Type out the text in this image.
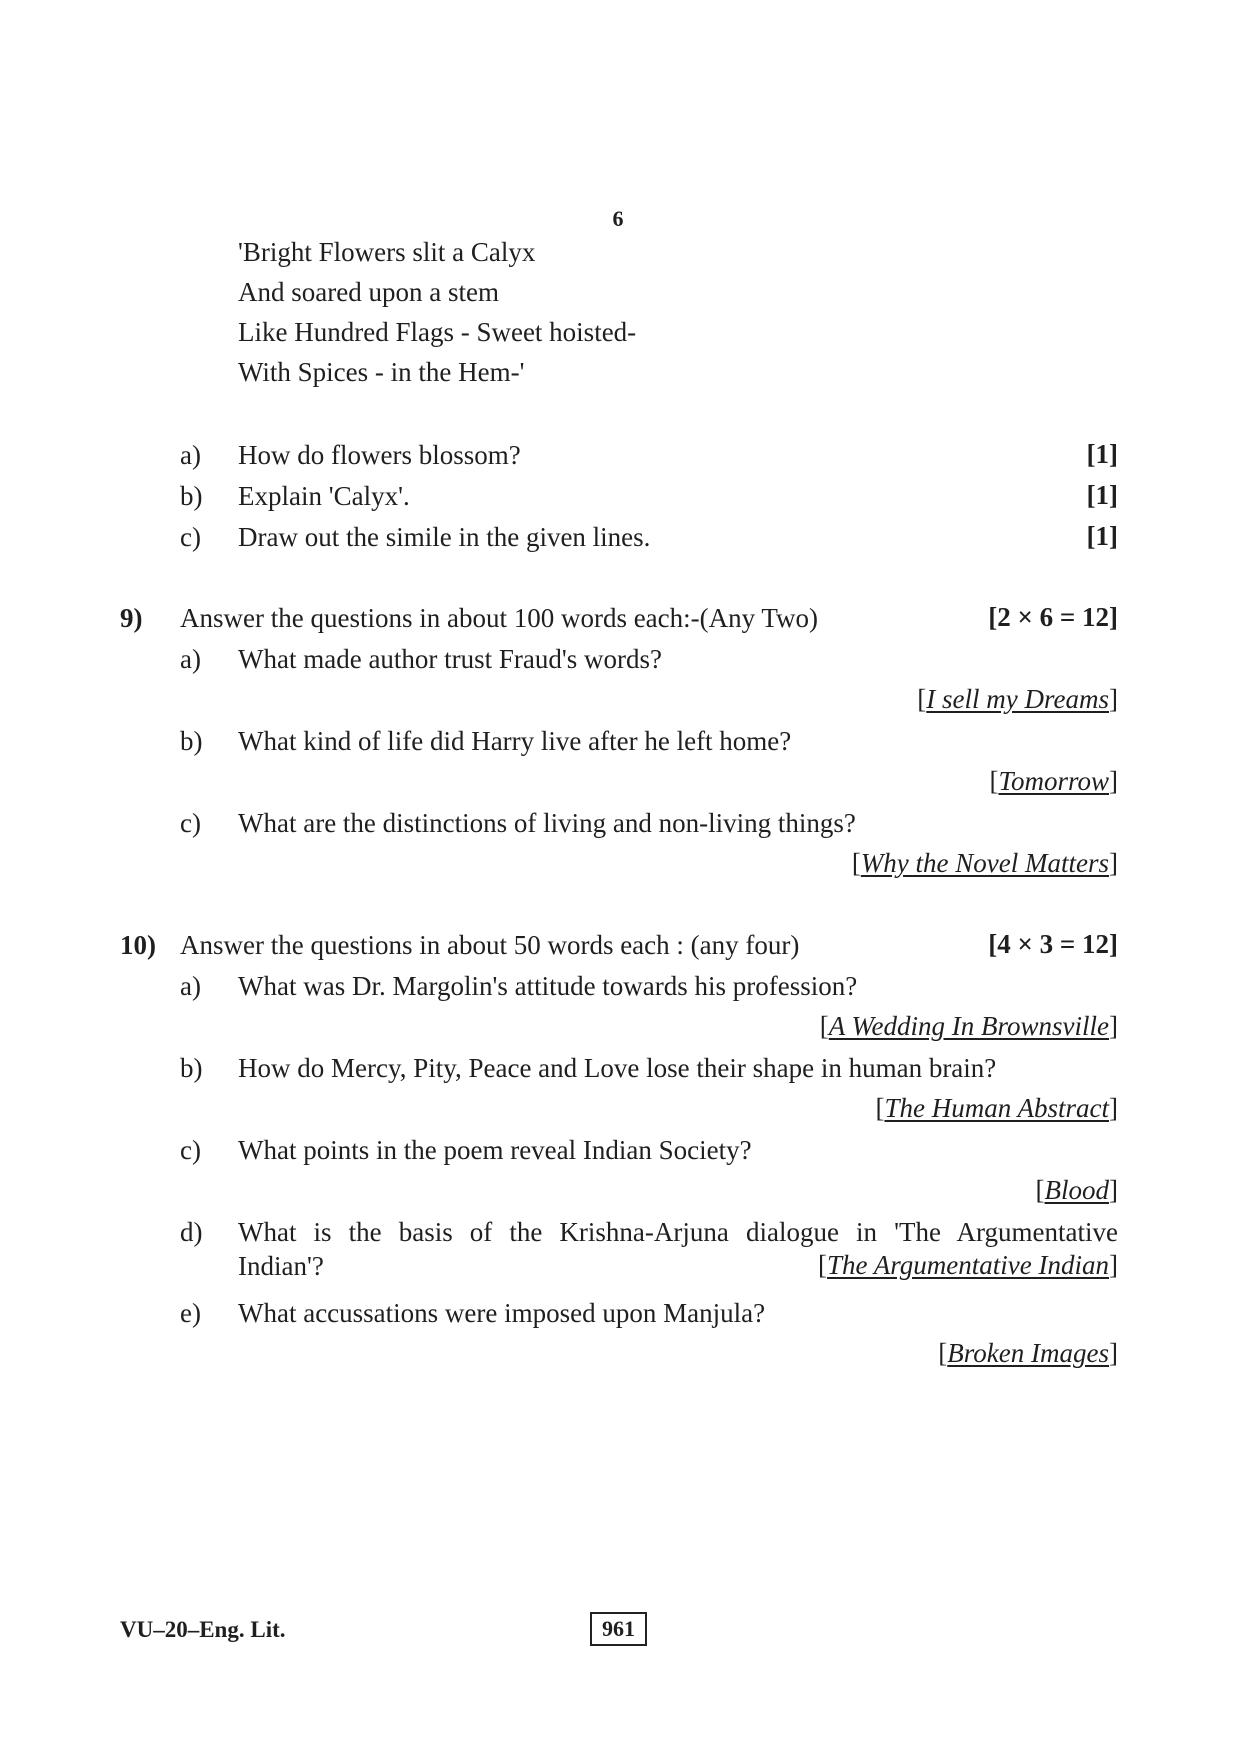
6
'Bright Flowers slit a Calyx
And soared upon a stem
Like Hundred Flags - Sweet hoisted-
With Spices - in the Hem-'
a) How do flowers blossom?	[1]
b) Explain 'Calyx'.	[1]
c) Draw out the simile in the given lines.	[1]
9) Answer the questions in about 100 words each:-(Any Two)	[2 × 6 = 12]
a) What made author trust Fraud's words?
[I sell my Dreams]
b) What kind of life did Harry live after he left home?
[Tomorrow]
c) What are the distinctions of living and non-living things?
[Why the Novel Matters]
10) Answer the questions in about 50 words each : (any four)	[4 × 3 = 12]
a) What was Dr. Margolin's attitude towards his profession?
[A Wedding In Brownsville]
b) How do Mercy, Pity, Peace and Love lose their shape in human brain?
[The Human Abstract]
c) What points in the poem reveal Indian Society?
[Blood]
d) What is the basis of the Krishna-Arjuna dialogue in 'The Argumentative
Indian'?	[The Argumentative Indian]
e) What accussations were imposed upon Manjula?
[Broken Images]
VU–20–Eng. Lit.	961
